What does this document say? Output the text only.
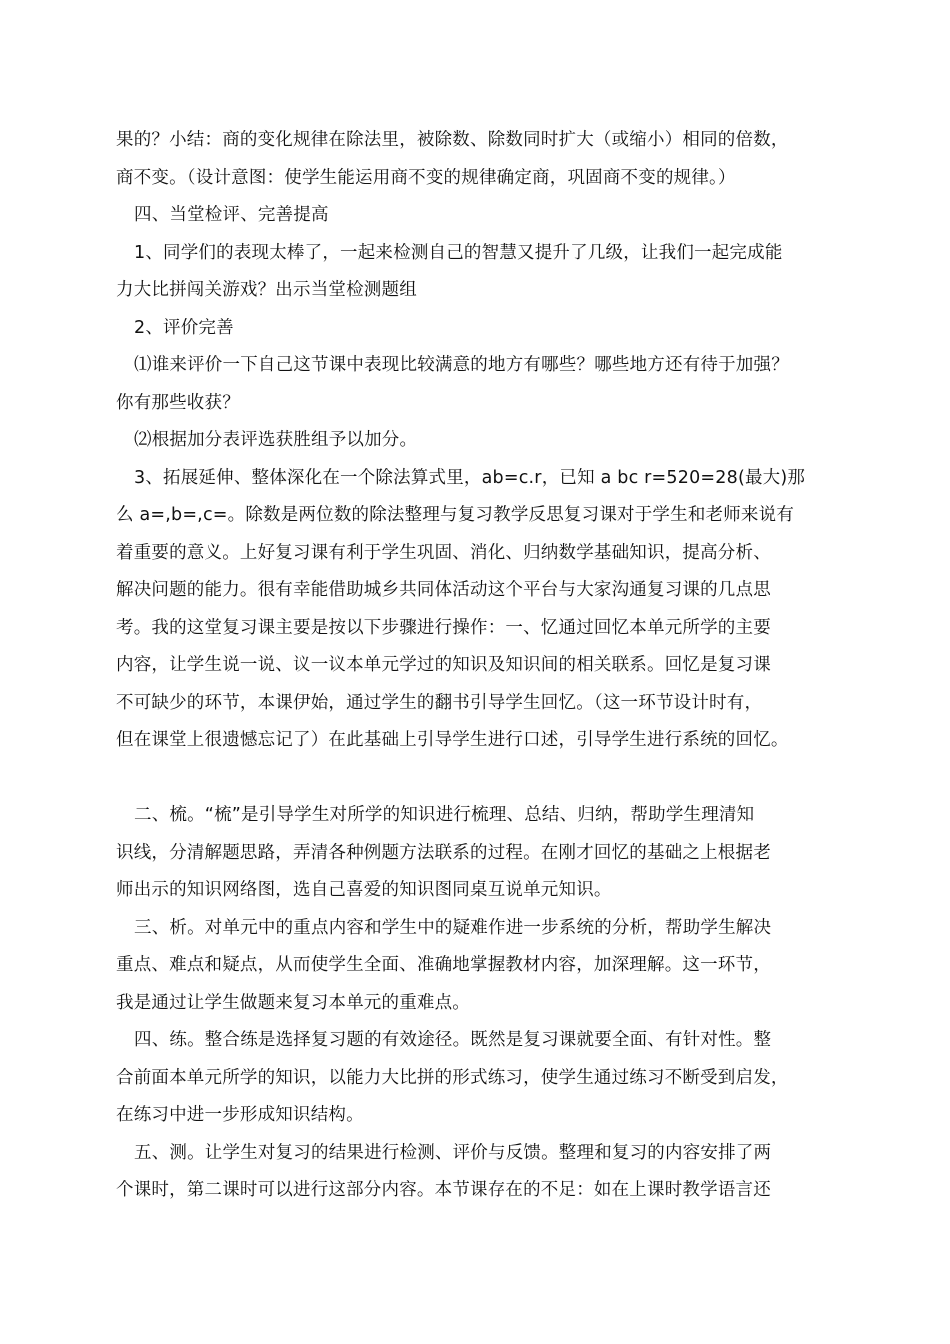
果的？小结：商的变化规律在除法里，被除数、除数同时扩大（或缩小）相同的倍数，
商不变。（设计意图：使学生能运用商不变的规律确定商，巩固商不变的规律。）
四、当堂检评、完善提高
1、同学们的表现太棒了，一起来检测自己的智慧又提升了几级，让我们一起完成能
力大比拼闯关游戏？出示当堂检测题组
2、评价完善
⑴谁来评价一下自己这节课中表现比较满意的地方有哪些？哪些地方还有待于加强？
你有那些收获？
⑵根据加分表评选获胜组予以加分。
3、拓展延伸、整体深化在一个除法算式里，ab=c.r，已知 a bc r=520=28(最大)那
么 a=,b=,c=。除数是两位数的除法整理与复习教学反思复习课对于学生和老师来说有
着重要的意义。上好复习课有利于学生巩固、消化、归纳数学基础知识，提高分析、
解决问题的能力。很有幸能借助城乡共同体活动这个平台与大家沟通复习课的几点思
考。我的这堂复习课主要是按以下步骤进行操作：一、忆通过回忆本单元所学的主要
内容，让学生说一说、议一议本单元学过的知识及知识间的相关联系。回忆是复习课
不可缺少的环节，本课伊始，通过学生的翻书引导学生回忆。（这一环节设计时有，
但在课堂上很遗憾忘记了）在此基础上引导学生进行口述，引导学生进行系统的回忆。
二、梳。“梳”是引导学生对所学的知识进行梳理、总结、归纳，帮助学生理清知
识线，分清解题思路，弄清各种例题方法联系的过程。在刚才回忆的基础之上根据老
师出示的知识网络图，选自己喜爱的知识图同桌互说单元知识。
三、析。对单元中的重点内容和学生中的疑难作进一步系统的分析，帮助学生解决
重点、难点和疑点，从而使学生全面、准确地掌握教材内容，加深理解。这一环节，
我是通过让学生做题来复习本单元的重难点。
四、练。整合练是选择复习题的有效途径。既然是复习课就要全面、有针对性。整
合前面本单元所学的知识，以能力大比拼的形式练习，使学生通过练习不断受到启发，
在练习中进一步形成知识结构。
五、测。让学生对复习的结果进行检测、评价与反馈。整理和复习的内容安排了两
个课时，第二课时可以进行这部分内容。本节课存在的不足：如在上课时教学语言还
